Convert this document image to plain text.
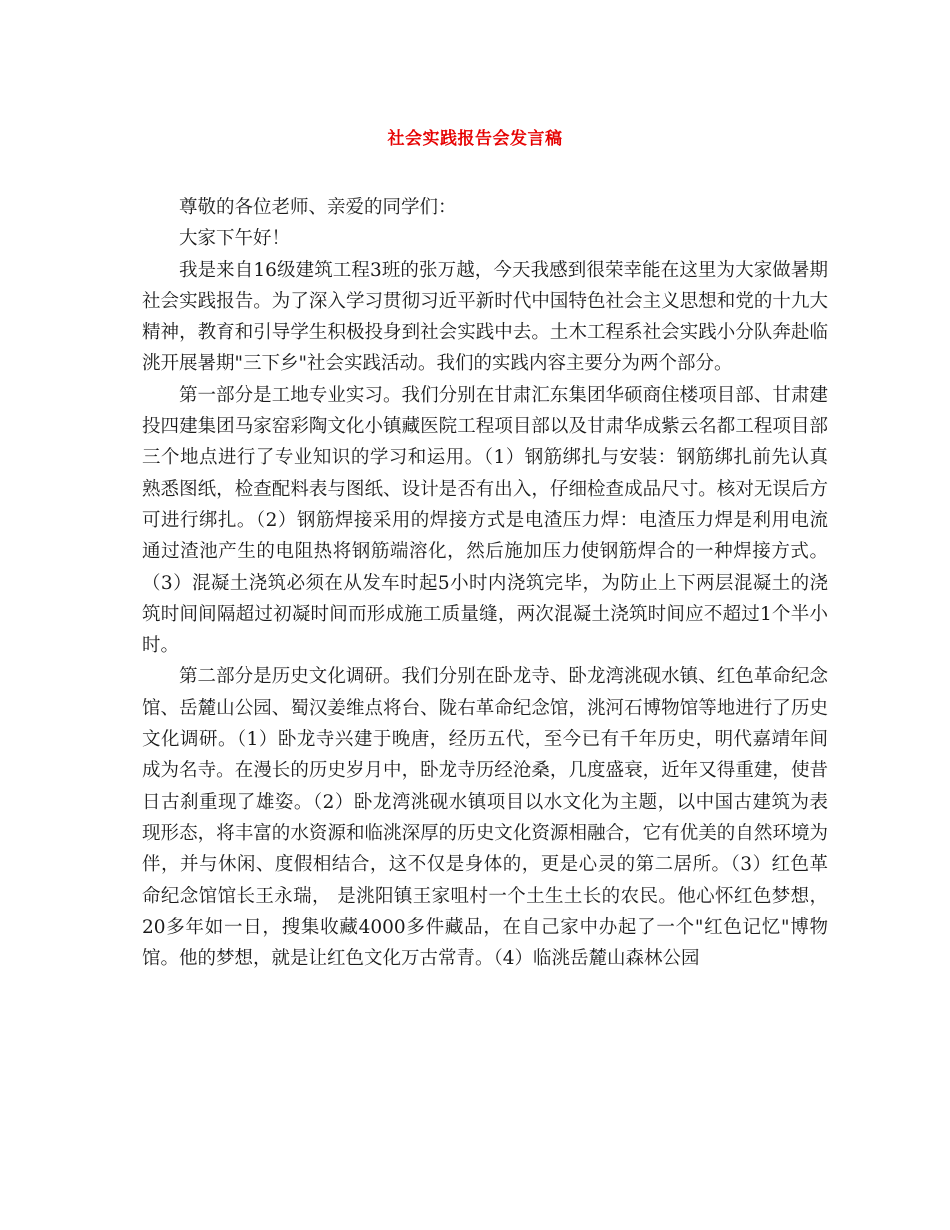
社会实践报告会发言稿

尊敬的各位老师、亲爱的同学们：

大家下午好！

我是来自16级建筑工程3班的张万越，今天我感到很荣幸能在这里为大家做暑期社会实践报告。为了深入学习贯彻习近平新时代中国特色社会主义思想和党的十九大精神，教育和引导学生积极投身到社会实践中去。土木工程系社会实践小分队奔赴临洮开展暑期"三下乡"社会实践活动。我们的实践内容主要分为两个部分。

第一部分是工地专业实习。我们分别在甘肃汇东集团华硕商住楼项目部、甘肃建投四建集团马家窑彩陶文化小镇藏医院工程项目部以及甘肃华成紫云名都工程项目部三个地点进行了专业知识的学习和运用。（1）钢筋绑扎与安装：钢筋绑扎前先认真熟悉图纸，检查配料表与图纸、设计是否有出入，仔细检查成品尺寸。核对无误后方可进行绑扎。（2）钢筋焊接采用的焊接方式是电渣压力焊：电渣压力焊是利用电流通过渣池产生的电阻热将钢筋端溶化，然后施加压力使钢筋焊合的一种焊接方式。（3）混凝土浇筑必须在从发车时起5小时内浇筑完毕，为防止上下两层混凝土的浇筑时间间隔超过初凝时间而形成施工质量缝，两次混凝土浇筑时间应不超过1个半小时。

第二部分是历史文化调研。我们分别在卧龙寺、卧龙湾洮砚水镇、红色革命纪念馆、岳麓山公园、蜀汉姜维点将台、陇右革命纪念馆，洮河石博物馆等地进行了历史文化调研。（1）卧龙寺兴建于晚唐，经历五代，至今已有千年历史，明代嘉靖年间成为名寺。在漫长的历史岁月中，卧龙寺历经沧桑，几度盛衰，近年又得重建，使昔日古刹重现了雄姿。（2）卧龙湾洮砚水镇项目以水文化为主题，以中国古建筑为表现形态，将丰富的水资源和临洮深厚的历史文化资源相融合，它有优美的自然环境为伴，并与休闲、度假相结合，这不仅是身体的，更是心灵的第二居所。（3）红色革命纪念馆馆长王永瑞， 是洮阳镇王家咀村一个土生土长的农民。他心怀红色梦想，20多年如一日，搜集收藏4000多件藏品，在自己家中办起了一个"红色记忆"博物馆。他的梦想，就是让红色文化万古常青。（4）临洮岳麓山森林公园
